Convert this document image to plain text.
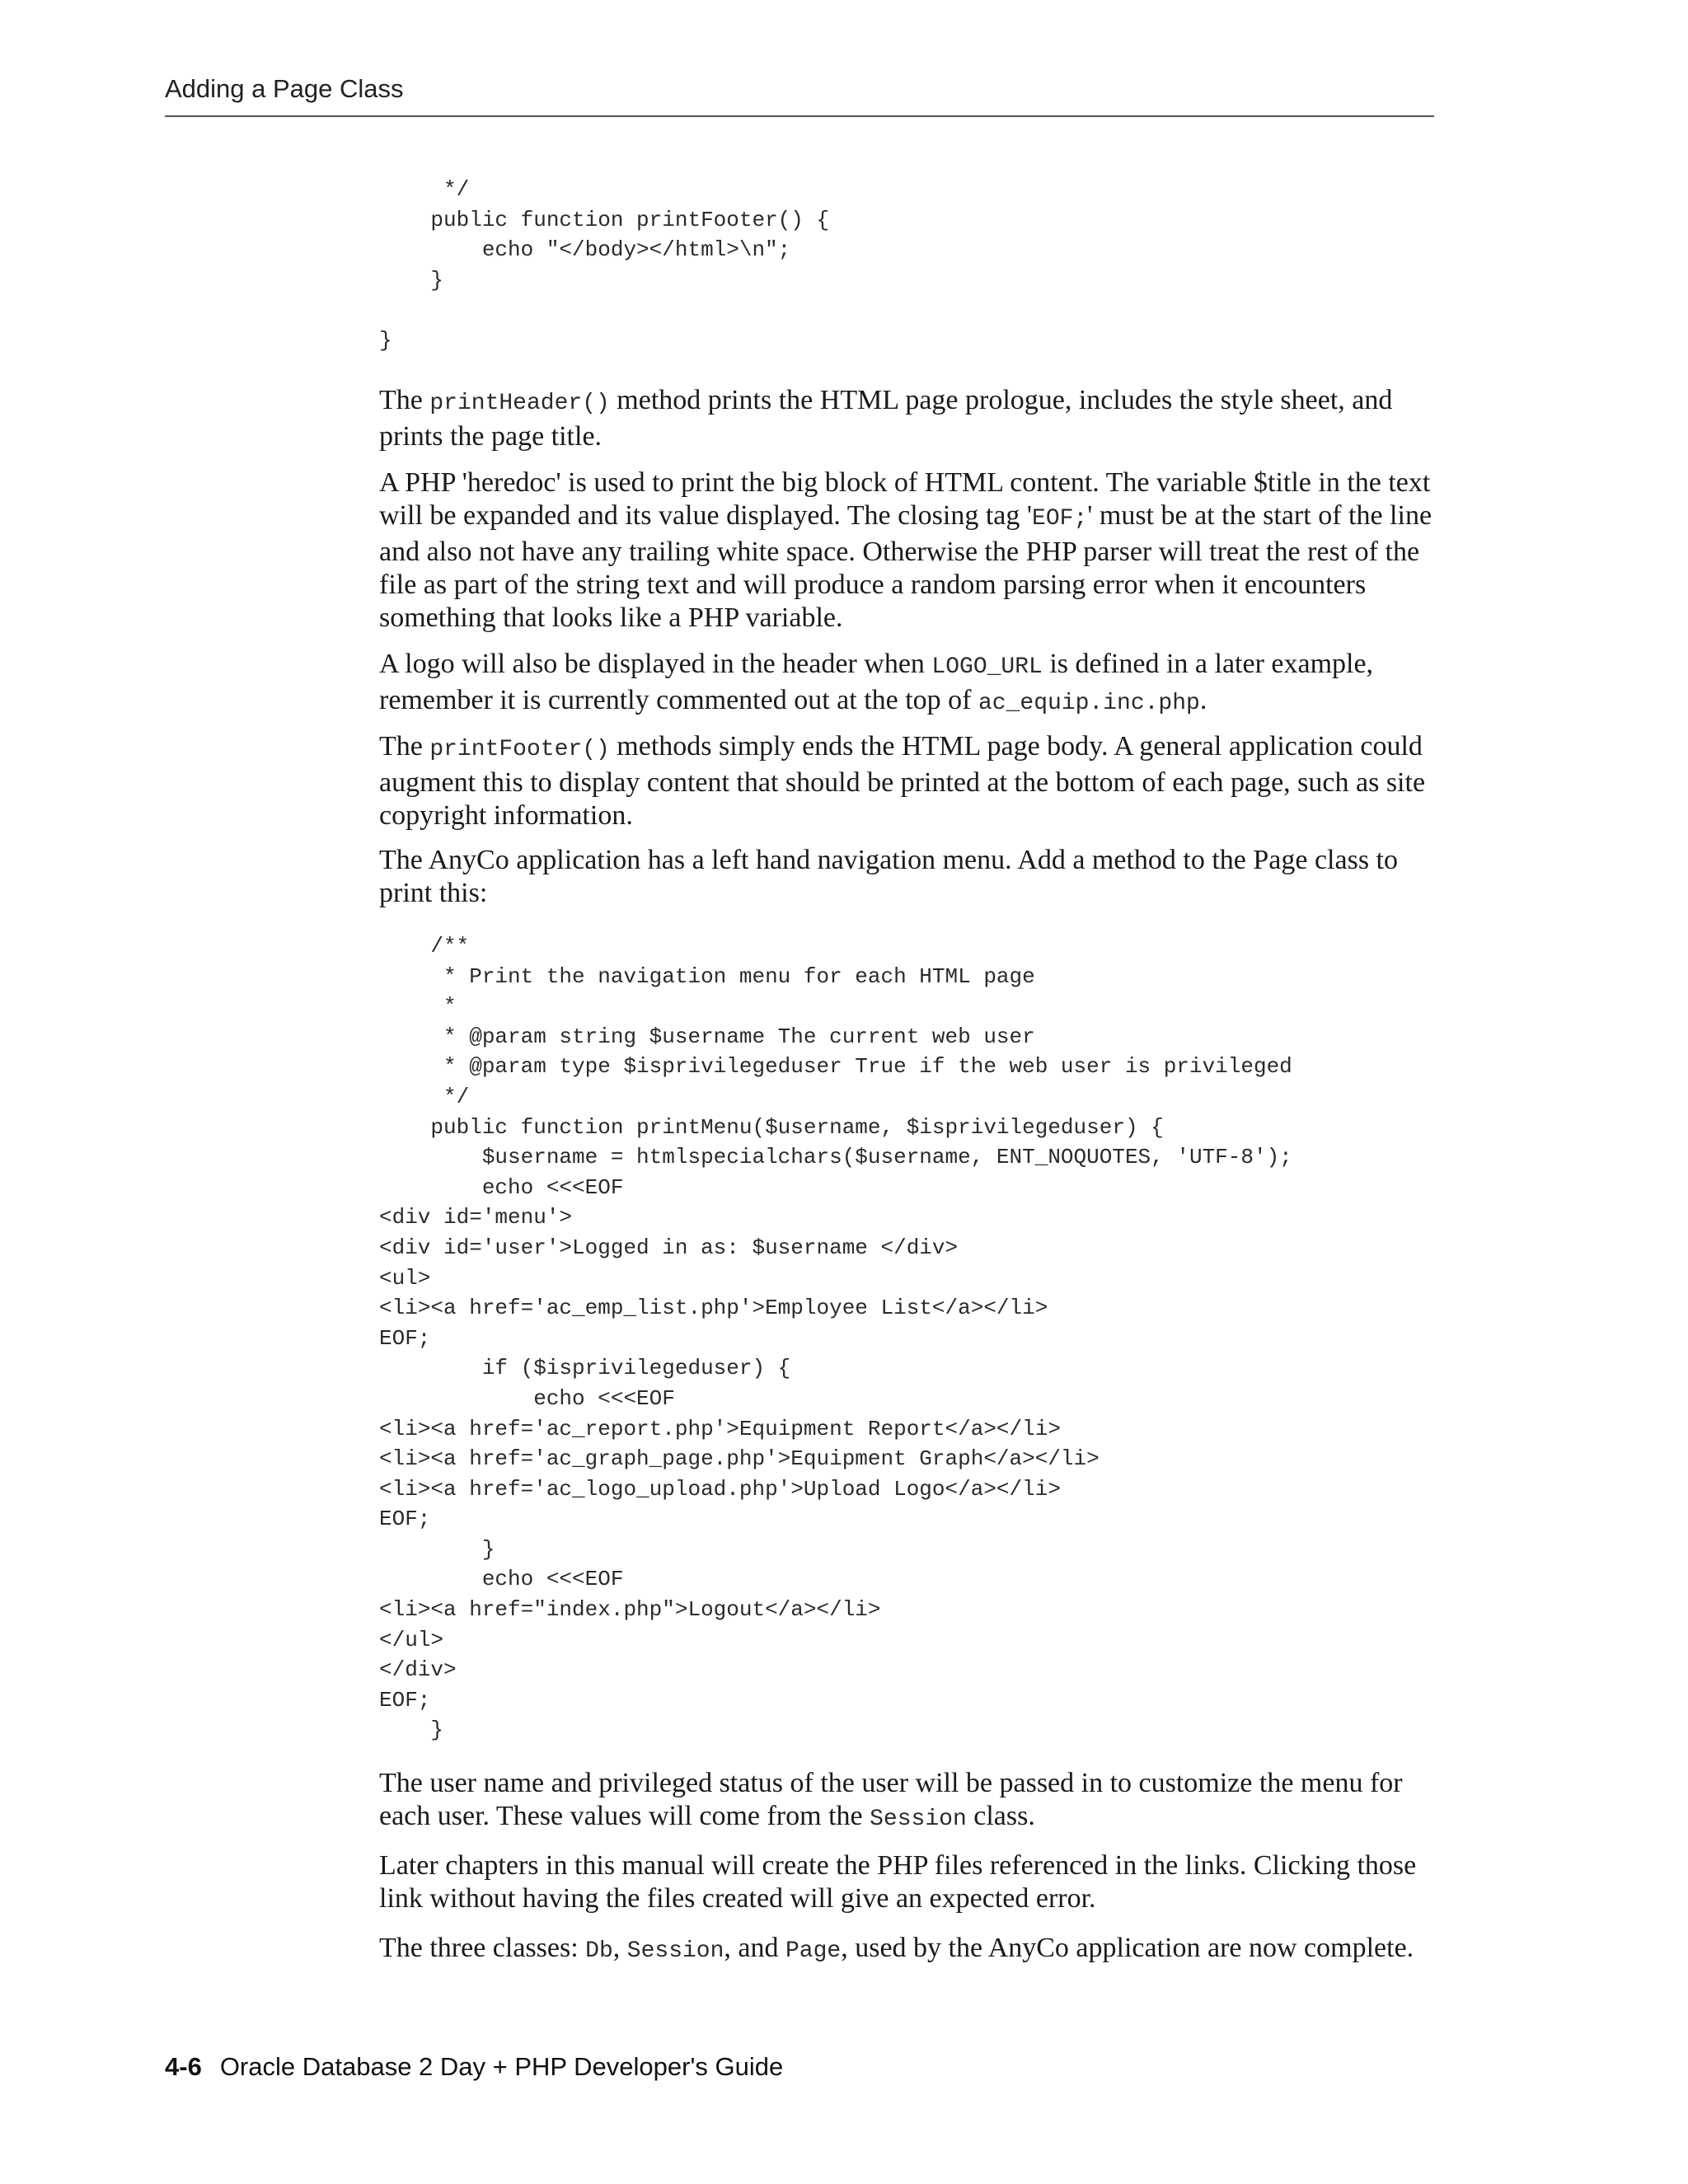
Adding a Page Class
*/
public function printFooter() {
echo "</body></html>\n";
}

}

The printHeader() method prints the HTML page prologue, includes the style sheet, and prints the page title.

A PHP 'heredoc' is used to print the big block of HTML content. The variable $title in the text will be expanded and its value displayed. The closing tag 'EOF;' must be at the start of the line and also not have any trailing white space. Otherwise the PHP parser will treat the rest of the file as part of the string text and will produce a random parsing error when it encounters something that looks like a PHP variable.

A logo will also be displayed in the header when LOGO_URL is defined in a later example, remember it is currently commented out at the top of ac_equip.inc.php.

The printFooter() methods simply ends the HTML page body. A general application could augment this to display content that should be printed at the bottom of each page, such as site copyright information.

The AnyCo application has a left hand navigation menu. Add a method to the Page class to print this:

/**
* Print the navigation menu for each HTML page
*
* @param string $username The current web user
* @param type $isprivilegeduser True if the web user is privileged
*/
public function printMenu($username, $isprivilegeduser) {
$username = htmlspecialchars($username, ENT_NOQUOTES, 'UTF-8');
echo <<<EOF
<div id='menu'>
<div id='user'>Logged in as: $username </div>
<ul>
<li><a href='ac_emp_list.php'>Employee List</a></li>
EOF;
if ($isprivilegeduser) {
echo <<<EOF
<li><a href='ac_report.php'>Equipment Report</a></li>
<li><a href='ac_graph_page.php'>Equipment Graph</a></li>
<li><a href='ac_logo_upload.php'>Upload Logo</a></li>
EOF;
}
echo <<<EOF
<li><a href="index.php">Logout</a></li>
</ul>
</div>
EOF;
}

The user name and privileged status of the user will be passed in to customize the menu for each user. These values will come from the Session class.

Later chapters in this manual will create the PHP files referenced in the links. Clicking those link without having the files created will give an expected error.

The three classes: Db, Session, and Page, used by the AnyCo application are now complete.

4-6 Oracle Database 2 Day + PHP Developer's Guide
